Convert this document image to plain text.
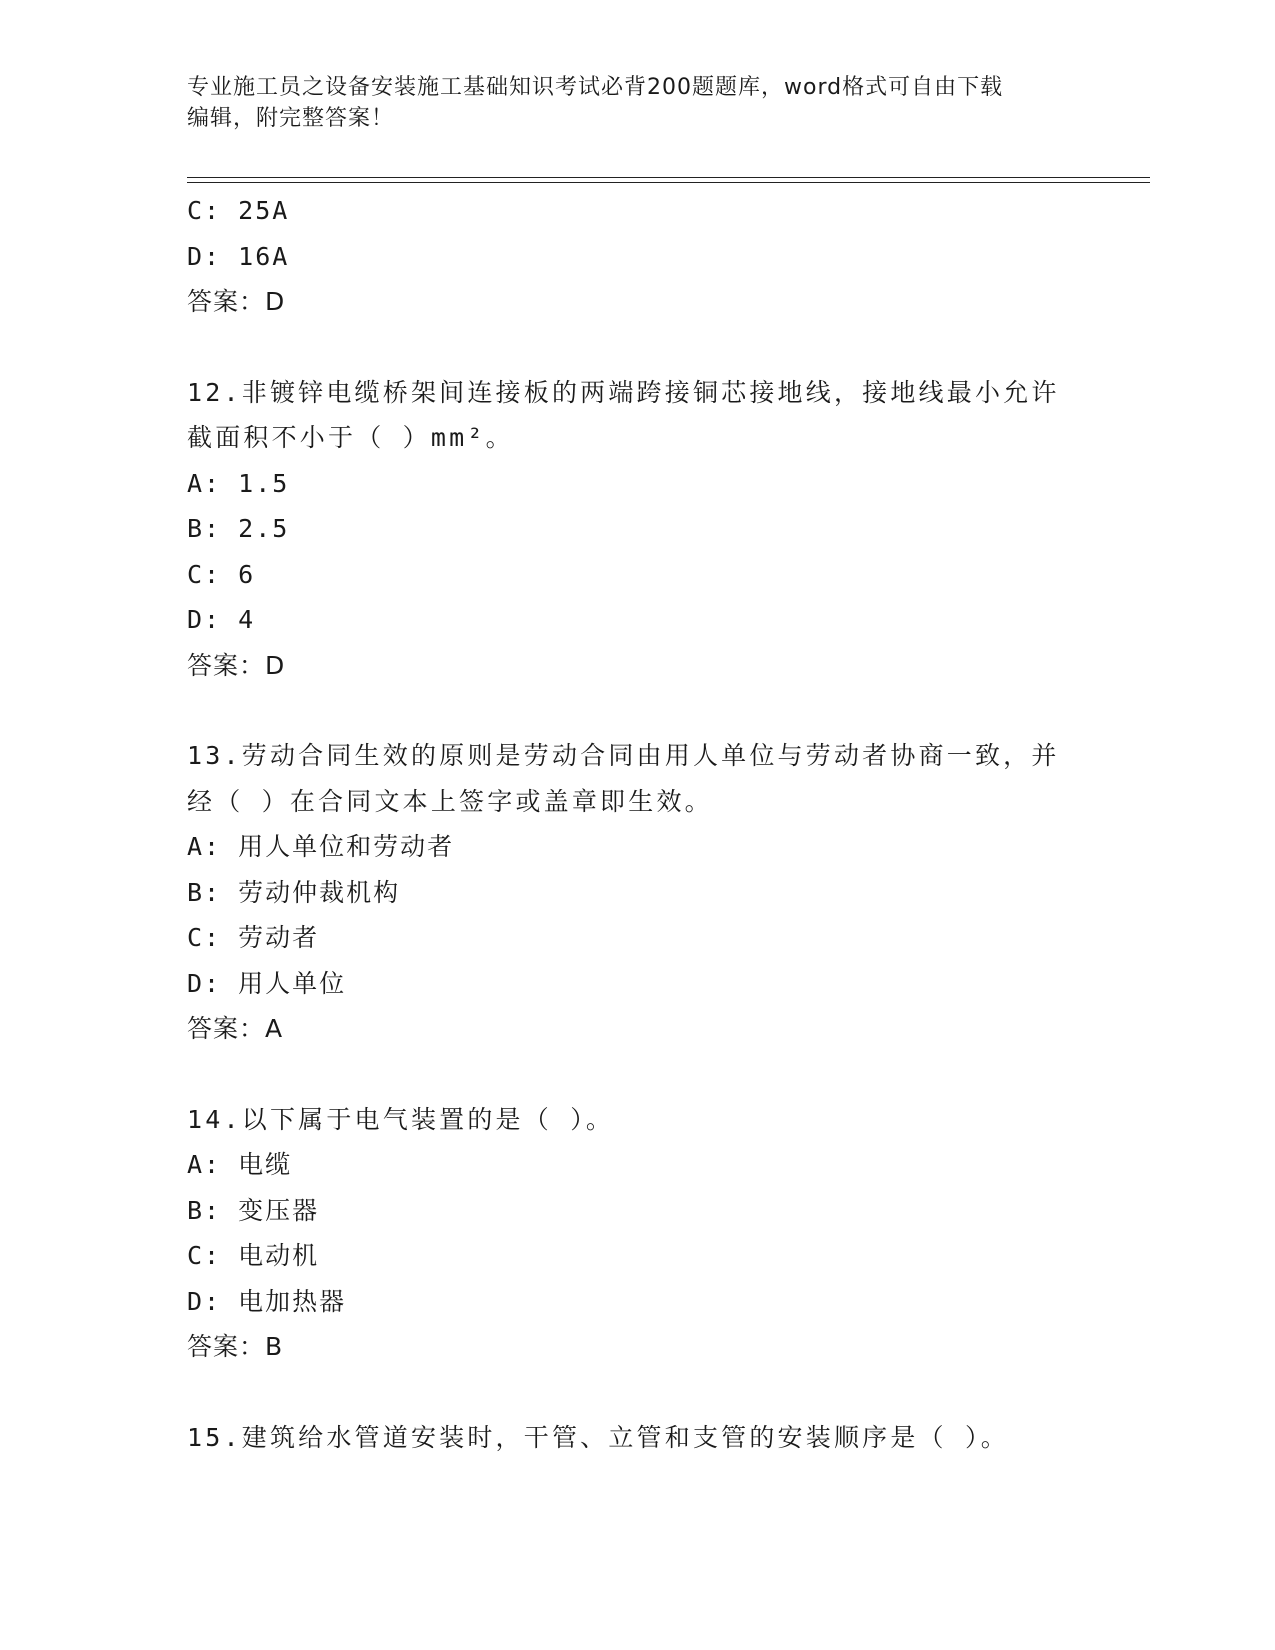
专业施工员之设备安装施工基础知识考试必背200题题库，word格式可自由下载
编辑，附完整答案！
C: 25A
D: 16A
答案：D
12.非镀锌电缆桥架间连接板的两端跨接铜芯接地线，接地线最小允许
截面积不小于（ ）mm²。
A: 1.5
B: 2.5
C: 6
D: 4
答案：D
13.劳动合同生效的原则是劳动合同由用人单位与劳动者协商一致，并
经（ ）在合同文本上签字或盖章即生效。
A: 用人单位和劳动者
B: 劳动仲裁机构
C: 劳动者
D: 用人单位
答案：A
14.以下属于电气装置的是（ ）。
A: 电缆
B: 变压器
C: 电动机
D: 电加热器
答案：B
15.建筑给水管道安装时，干管、立管和支管的安装顺序是（ ）。
